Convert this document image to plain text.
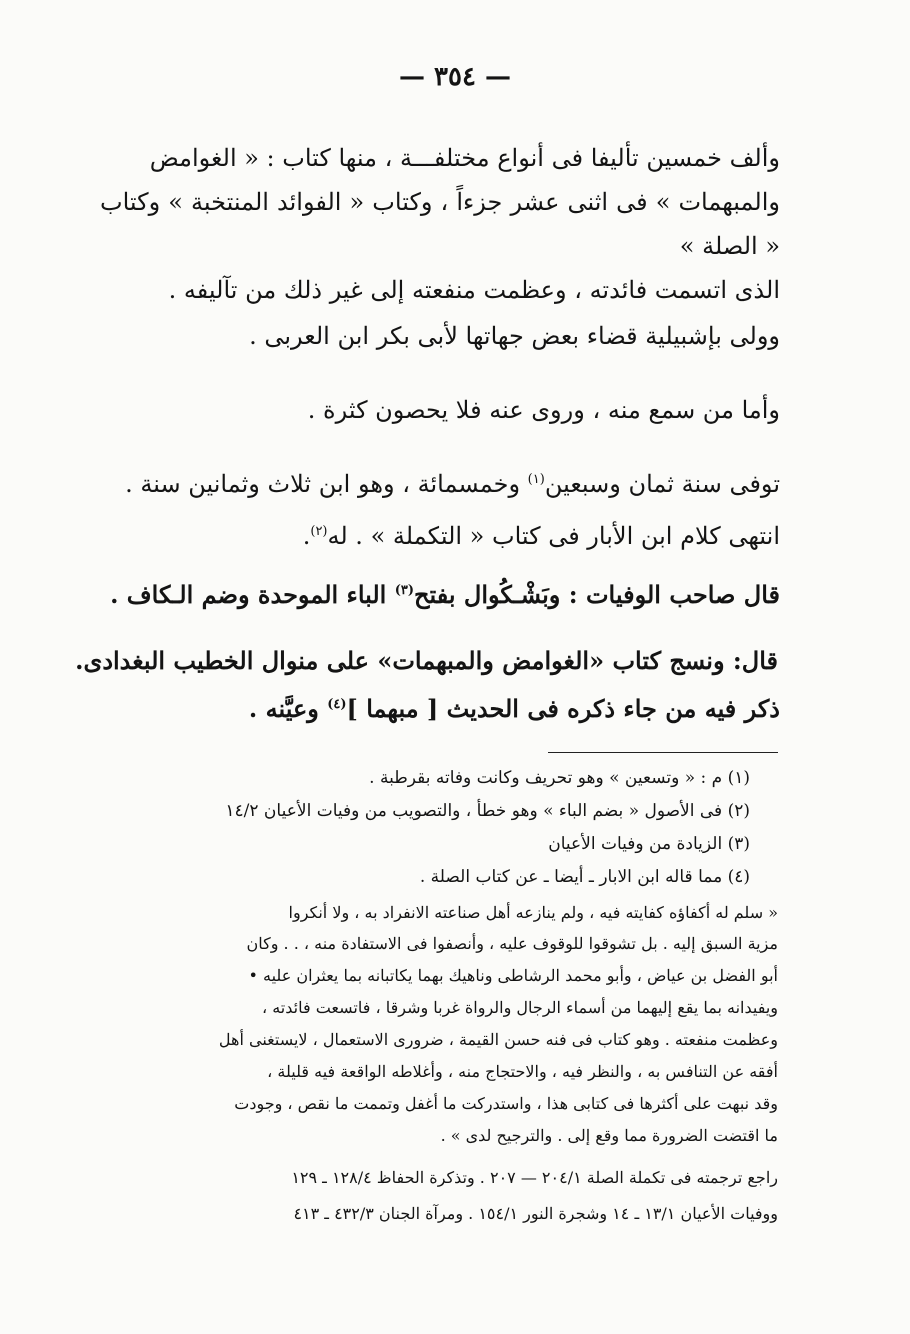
— ٣٥٤ —
وألف خمسين تأليفا فى أنواع مختلفـــة ، منها كتاب : « الغوامض
والمبهمات » فى اثنى عشر جزءاً ، وكتاب « الفوائد المنتخبة » وكتاب « الصلة »
الذى اتسمت فائدته ، وعظمت منفعته إلى غير ذلك من تآليفه .
وولى بإشبيلية قضاء بعض جهاتها لأبى بكر ابن العربى .
وأما من سمع منه ، وروى عنه فلا يحصون كثرة .
توفى سنة ثمان وسبعين$^{(١)}$ وخمسمائة ، وهو ابن ثلاث وثمانين سنة .
انتهى كلام ابن الأبار فى كتاب « التكملة » . له$^{(٢)}$.
قال صاحب الوفيات : وبَشْـكُوال بفتح$^{(٣)}$ الباء الموحدة وضم الـكاف .
قال: ونسج كتاب «الغوامض والمبهمات» على منوال الخطيب البغدادى.
ذكر فيه من جاء ذكره فى الحديث [ مبهما ]$^{(٤)}$ وعيَّنه .
(١) م : « وتسعين » وهو تحريف وكانت وفاته بقرطبة .
(٢) فى الأصول « بضم الباء » وهو خطأ ، والتصويب من وفيات الأعيان ١٤/٢
(٣) الزيادة من وفيات الأعيان
(٤) مما قاله ابن الابار ـ أيضا ـ عن كتاب الصلة .
« سلم له أكفاؤه كفايته فيه ، ولم ينازعه أهل صناعته الانفراد به ، ولا أنكروا
مزية السبق إليه . بل تشوقوا للوقوف عليه ، وأنصفوا فى الاستفادة منه ، . . وكان
أبو الفضل بن عياض ، وأبو محمد الرشاطى وناهيك بهما يكاتبانه بما يعثران عليه •
ويفيدانه بما يقع إليهما من أسماء الرجال والرواة غربا وشرقا ، فاتسعت فائدته ،
وعظمت منفعته . وهو كتاب فى فنه حسن القيمة ، ضرورى الاستعمال ، لايستغنى أهل
أفقه عن التنافس به ، والنظر فيه ، والاحتجاج منه ، وأغلاطه الواقعة فيه قليلة ،
وقد نبهت على أكثرها فى كتابى هذا ، واستدركت ما أغفل وتممت ما نقص ، وجودت
ما اقتضت الضرورة مما وقع إلى . والترجيح لدى » .
راجع ترجمته فى تكملة الصلة ٢٠٤/١ — ٢٠٧ . وتذكرة الحفاظ ١٢٨/٤ ـ ١٢٩
ووفيات الأعيان ١٣/١ ـ ١٤ وشجرة النور ١٥٤/١ . ومرآة الجنان ٤٣٢/٣ ـ ٤١٣
